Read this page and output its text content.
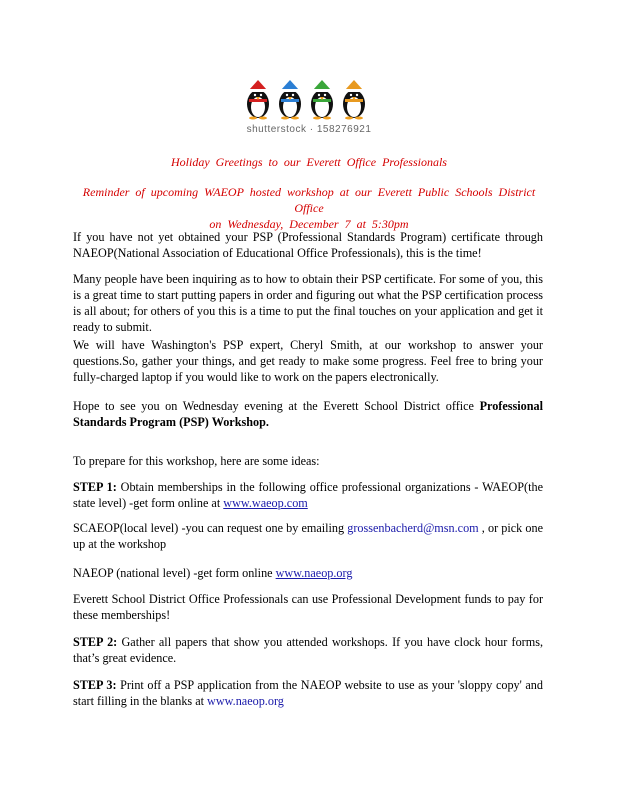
shutterstock · 158276921
Holiday Greetings to our Everett Office Professionals
Reminder of upcoming WAEOP hosted workshop at our Everett Public Schools District Office
on Wednesday, December 7 at 5:30pm

If you have not yet obtained your PSP (Professional Standards Program) certificate through NAEOP(National Association of Educational Office Professionals), this is the time!

Many people have been inquiring as to how to obtain their PSP certificate. For some of you, this is a great time to start putting papers in order and figuring out what the PSP certification process is all about; for others of you this is a time to put the final touches on your application and get it ready to submit.

We will have Washington's PSP expert, Cheryl Smith, at our workshop to answer your questions.So, gather your things, and get ready to make some progress. Feel free to bring your fully-charged laptop if you would like to work on the papers electronically.

Hope to see you on Wednesday evening at the Everett School District office Professional Standards Program (PSP) Workshop.

To prepare for this workshop, here are some ideas:

STEP 1: Obtain memberships in the following office professional organizations - WAEOP(the state level) -get form online at www.waeop.com

SCAEOP(local level) -you can request one by emailing grossenbacherd@msn.com , or pick one up at the workshop

NAEOP (national level) -get form online www.naeop.org

Everett School District Office Professionals can use Professional Development funds to pay for these memberships!

STEP 2: Gather all papers that show you attended workshops. If you have clock hour forms, that’s great evidence.

STEP 3: Print off a PSP application from the NAEOP website to use as your 'sloppy copy' and start filling in the blanks at www.naeop.org
